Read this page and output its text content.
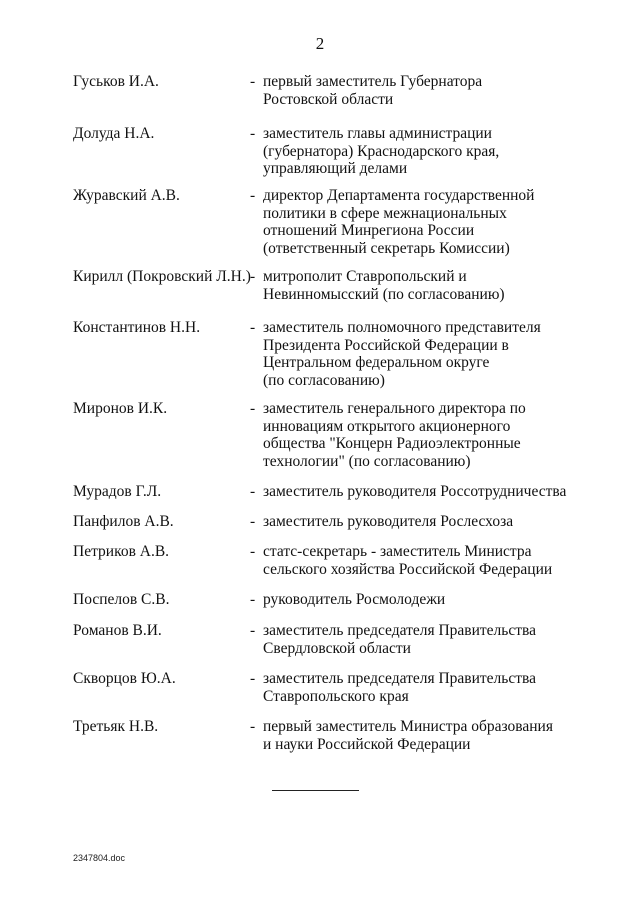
2
Гуськов И.А.	- первый заместитель Губернатора
Ростовской области
Долуда Н.А.	- заместитель главы администрации
(губернатора) Краснодарского края,
управляющий делами
Журавский А.В.	- директор Департамента государственной
политики в сфере межнациональных
отношений Минрегиона России
(ответственный секретарь Комиссии)
Кирилл (Покровский Л.Н.) - митрополит Ставропольский и
Невинномысский (по согласованию)
Константинов Н.Н.	- заместитель полномочного представителя
Президента Российской Федерации в
Центральном федеральном округе
(по согласованию)
Миронов И.К.	- заместитель генерального директора по
инновациям открытого акционерного
общества "Концерн Радиоэлектронные
технологии" (по согласованию)
Мурадов Г.Л.	- заместитель руководителя Россотрудничества
Панфилов А.В.	- заместитель руководителя Рослесхоза
Петриков А.В.	- статс-секретарь - заместитель Министра
сельского хозяйства Российской Федерации
Поспелов С.В.	- руководитель Росмолодежи
Романов В.И.	- заместитель председателя Правительства
Свердловской области
Скворцов Ю.А.	- заместитель председателя Правительства
Ставропольского края
Третьяк Н.В.	- первый заместитель Министра образования
и науки Российской Федерации
2347804.doc
